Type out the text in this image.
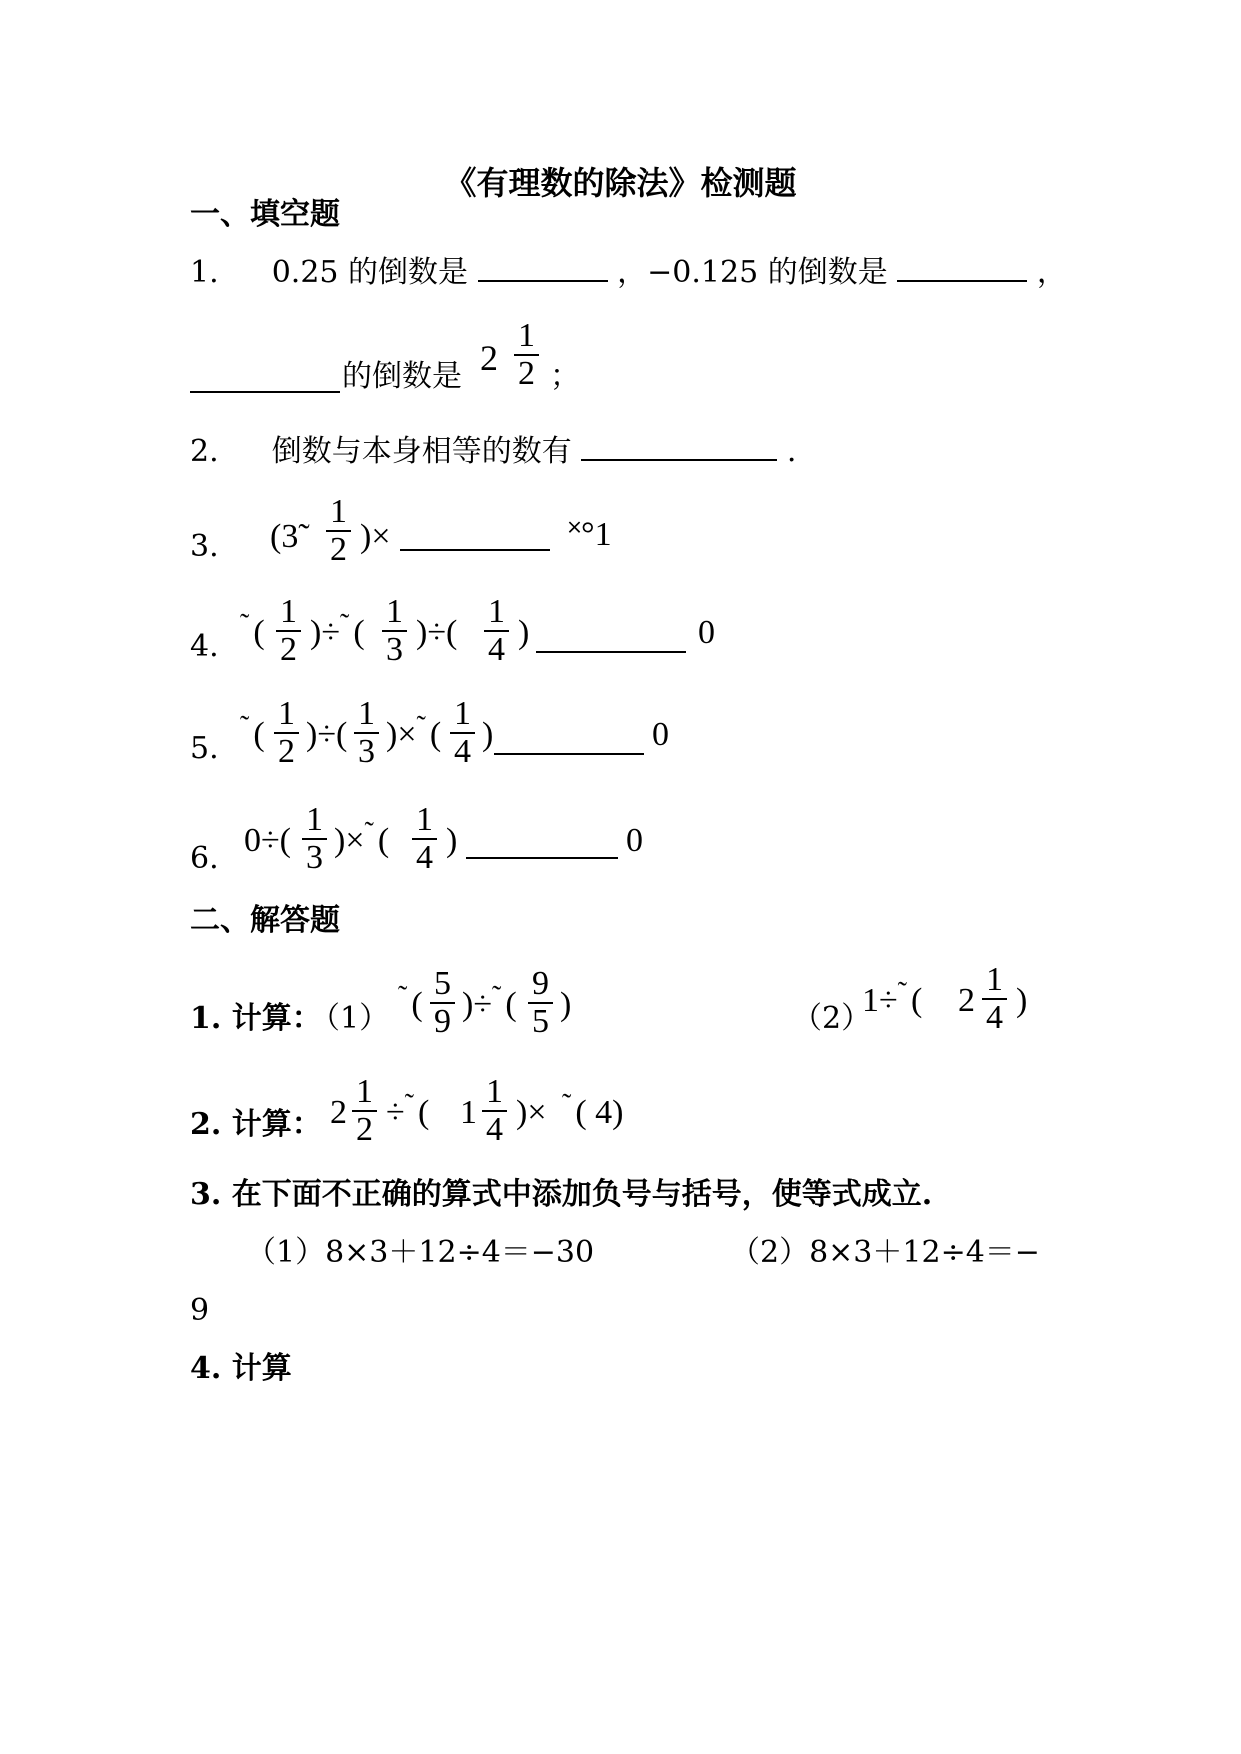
《有理数的除法》检测题
一、填空题
1. 0.25 的倒数是	，−0.125 的倒数是	，
的倒数是 $2 \frac{1}{2}$ ；
2. 倒数与本身相等的数有	.
3. (3̃ $\frac{1}{2}$ )×	˟°1
4.
˜ ( $\frac{1}{2} )\div^˜$ ( $\frac{1}{3}$ )÷( $\frac{1}{4}$ )	0
5.
˜ ( $\frac{1}{2}$ )÷( $\frac{1}{3} )\times^˜$ ( $\frac{1}{4}$ )	0
6. $0\div( \frac{1}{3} )\times^˜$ ( $\frac{1}{4}$ )	0
二、解答题
1. 计算：
（1）
˜ ( $\frac{5}{9} )\div^˜$ ( $\frac{9}{5}$ )	（2）
1÷˜ ( $2 \frac{1}{4}$ )
2. 计算： $2 \frac{1}{2} \div^˜$ ( $1 \frac{1}{4}$ )× ˜ ( 4)
3. 在下面不正确的算式中添加负号与括号，使等式成立.
（1）8×3＋12÷4＝−30	（2）8×3＋12÷4＝−
9
4. 计算
